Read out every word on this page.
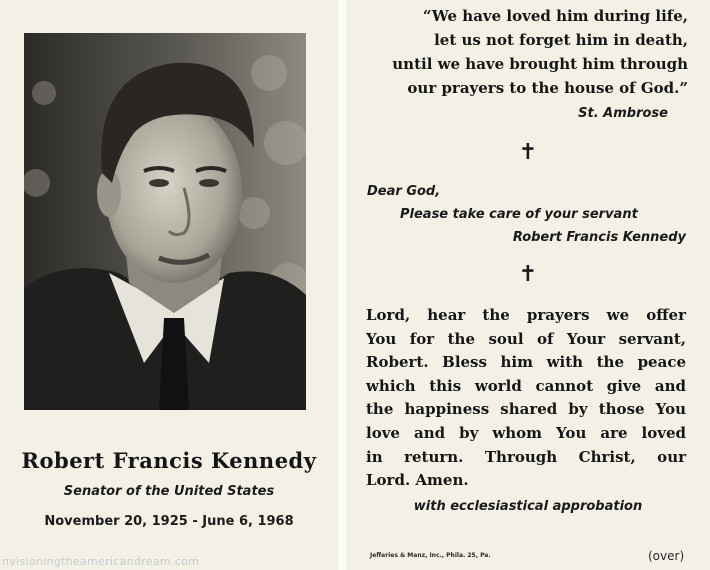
Robert Francis Kennedy
Senator of the United States
November 20, 1925 - June 6, 1968
nvisioningtheamericandream.com
“We have loved him during life,
let us not forget him in death,
until we have brought him through
our prayers to the house of God.”
St. Ambrose
✝
Dear God,
Please take care of your servant
Robert Francis Kennedy
✝
Lord, hear the prayers we offer
You for the soul of Your servant,
Robert. Bless him with the peace
which this world cannot give and
the happiness shared by those You
love and by whom You are loved
in return. Through Christ, our
Lord. Amen.
with ecclesiastical approbation
Jefferies & Manz, Inc., Phila. 25, Pa.	(over)
